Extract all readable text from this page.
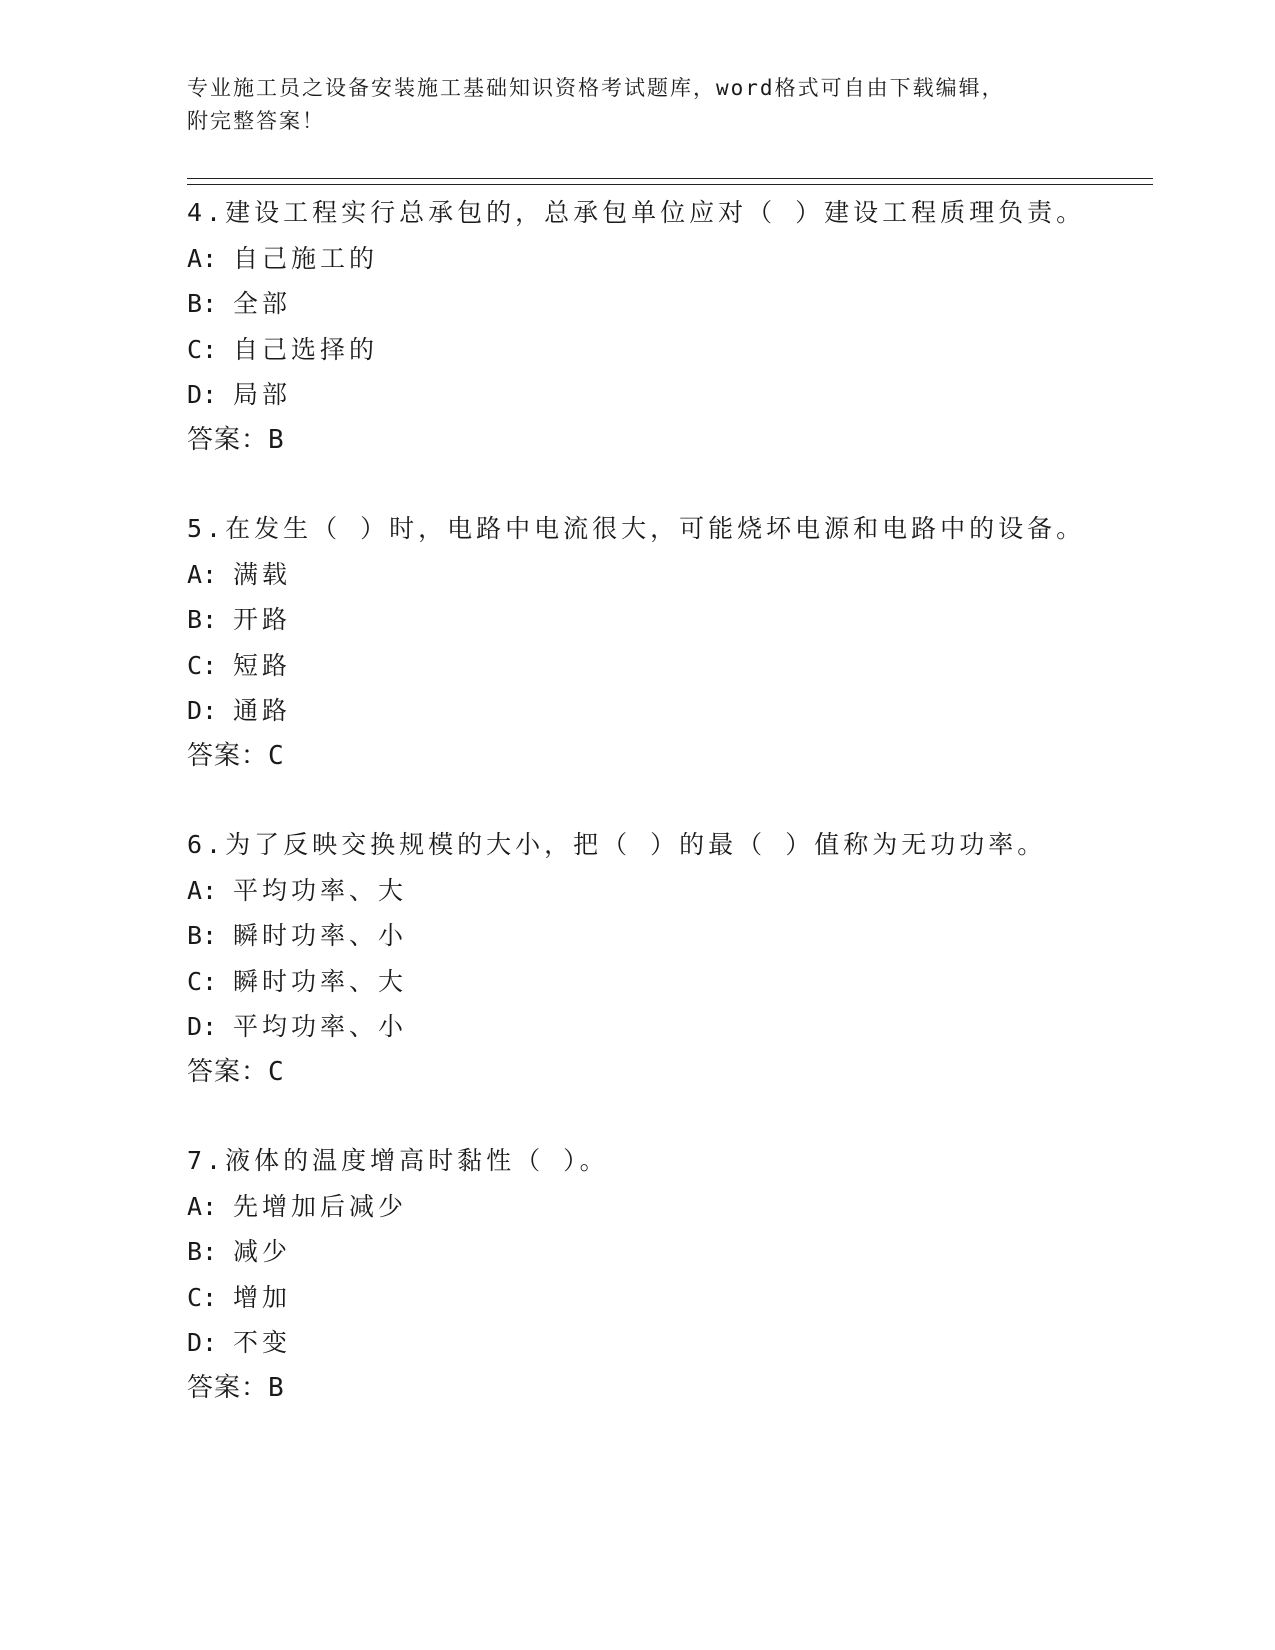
专业施工员之设备安装施工基础知识资格考试题库，word格式可自由下载编辑，
附完整答案！
4.建设工程实行总承包的，总承包单位应对（ ）建设工程质理负责。
A: 自己施工的
B: 全部
C: 自己选择的
D: 局部
答案：B
5.在发生（ ）时，电路中电流很大，可能烧坏电源和电路中的设备。
A: 满载
B: 开路
C: 短路
D: 通路
答案：C
6.为了反映交换规模的大小，把（ ）的最（ ）值称为无功功率。
A: 平均功率、大
B: 瞬时功率、小
C: 瞬时功率、大
D: 平均功率、小
答案：C
7.液体的温度增高时黏性（ ）。
A: 先增加后减少
B: 减少
C: 增加
D: 不变
答案：B
